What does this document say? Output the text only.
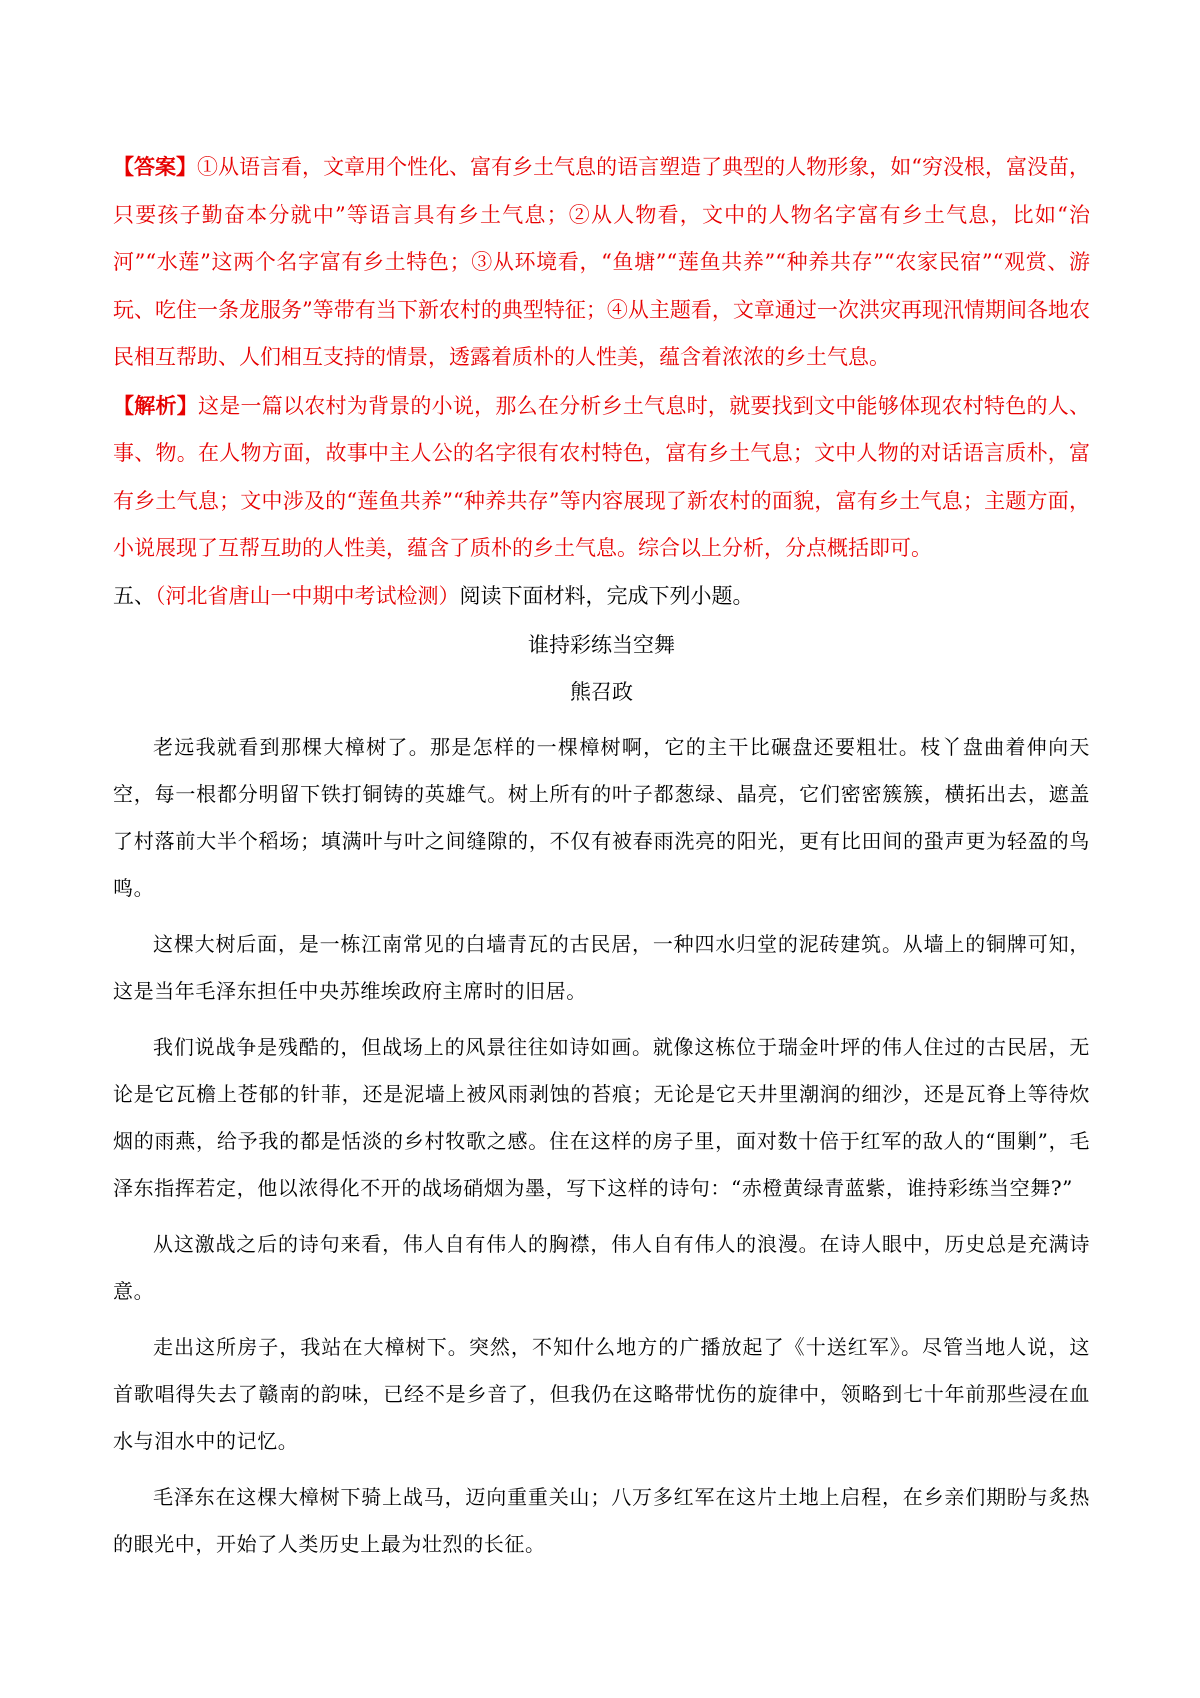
【答案】①从语言看，文章用个性化、富有乡土气息的语言塑造了典型的人物形象，如“穷没根，富没苗，只要孩子勤奋本分就中”等语言具有乡土气息；②从人物看，文中的人物名字富有乡土气息，比如“治河”“水莲”这两个名字富有乡土特色；③从环境看，“鱼塘”“莲鱼共养”“种养共存”“农家民宿”“观赏、游玩、吃住一条龙服务”等带有当下新农村的典型特征；④从主题看，文章通过一次洪灾再现汛情期间各地农民相互帮助、人们相互支持的情景，透露着质朴的人性美，蕴含着浓浓的乡土气息。

【解析】这是一篇以农村为背景的小说，那么在分析乡土气息时，就要找到文中能够体现农村特色的人、事、物。在人物方面，故事中主人公的名字很有农村特色，富有乡土气息；文中人物的对话语言质朴，富有乡土气息；文中涉及的“莲鱼共养”“种养共存”等内容展现了新农村的面貌，富有乡土气息；主题方面，小说展现了互帮互助的人性美，蕴含了质朴的乡土气息。综合以上分析，分点概括即可。

五、（河北省唐山一中期中考试检测）阅读下面材料，完成下列小题。

谁持彩练当空舞

熊召政

老远我就看到那棵大樟树了。那是怎样的一棵樟树啊，它的主干比碾盘还要粗壮。枝丫盘曲着伸向天空，每一根都分明留下铁打铜铸的英雄气。树上所有的叶子都葱绿、晶亮，它们密密簇簇，横拓出去，遮盖了村落前大半个稻场；填满叶与叶之间缝隙的，不仅有被春雨洗亮的阳光，更有比田间的蛩声更为轻盈的鸟鸣。

这棵大树后面，是一栋江南常见的白墙青瓦的古民居，一种四水归堂的泥砖建筑。从墙上的铜牌可知，这是当年毛泽东担任中央苏维埃政府主席时的旧居。

我们说战争是残酷的，但战场上的风景往往如诗如画。就像这栋位于瑞金叶坪的伟人住过的古民居，无论是它瓦檐上苍郁的针菲，还是泥墙上被风雨剥蚀的苔痕；无论是它天井里潮润的细沙，还是瓦脊上等待炊烟的雨燕，给予我的都是恬淡的乡村牧歌之感。住在这样的房子里，面对数十倍于红军的敌人的“围剿”，毛泽东指挥若定，他以浓得化不开的战场硝烟为墨，写下这样的诗句：“赤橙黄绿青蓝紫，谁持彩练当空舞?”

从这激战之后的诗句来看，伟人自有伟人的胸襟，伟人自有伟人的浪漫。在诗人眼中，历史总是充满诗意。

走出这所房子，我站在大樟树下。突然，不知什么地方的广播放起了《十送红军》。尽管当地人说，这首歌唱得失去了赣南的韵味，已经不是乡音了，但我仍在这略带忧伤的旋律中，领略到七十年前那些浸在血水与泪水中的记忆。

毛泽东在这棵大樟树下骑上战马，迈向重重关山；八万多红军在这片土地上启程，在乡亲们期盼与炙热的眼光中，开始了人类历史上最为壮烈的长征。
